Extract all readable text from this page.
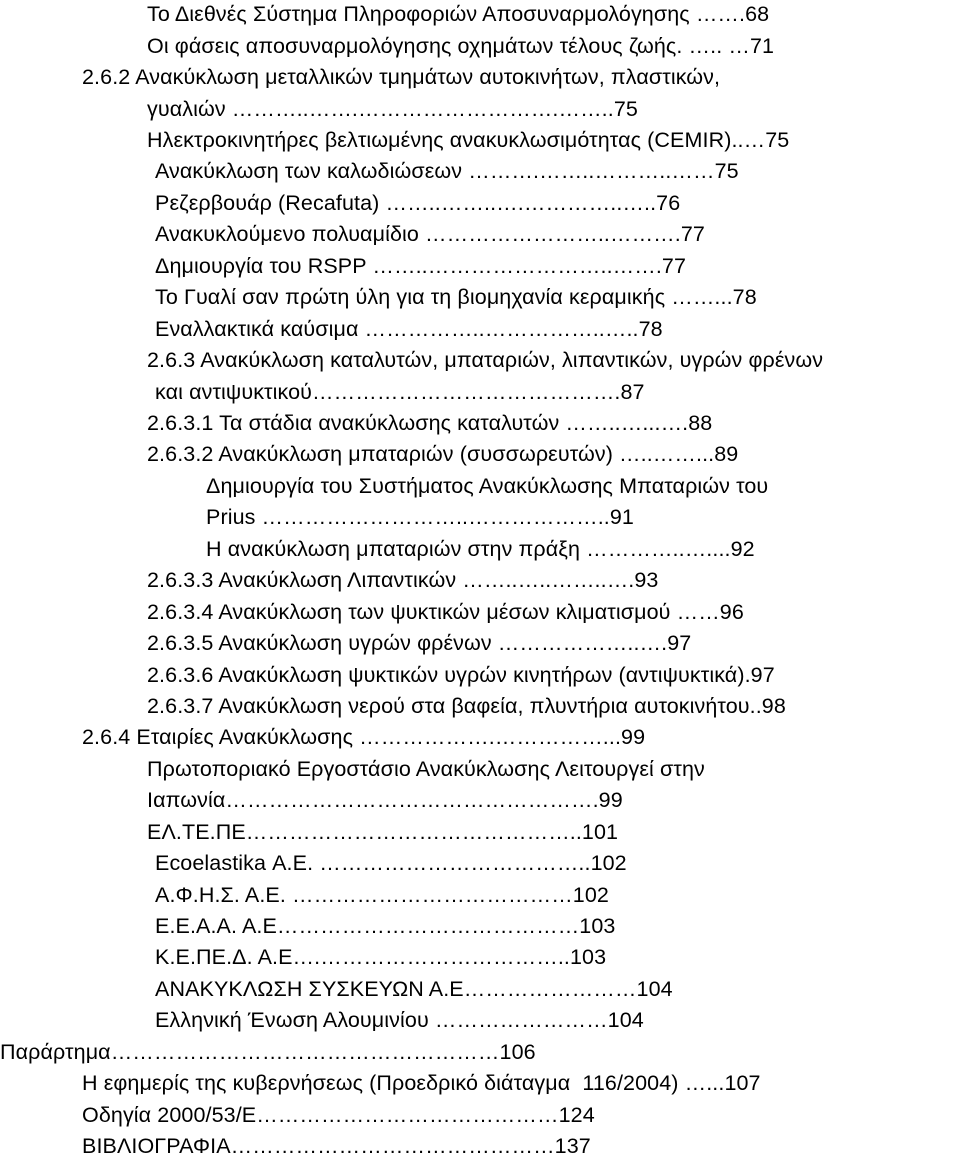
Το Διεθνές Σύστημα Πληροφοριών Αποσυναρμολόγησης …….68
Οι φάσεις αποσυναρμολόγησης οχημάτων τέλους ζωής. ….. …71
2.6.2 Ανακύκλωση μεταλλικών τμημάτων αυτοκινήτων, πλαστικών,
γυαλιών ………..…….……………………….……..75
Ηλεκτροκινητήρες βελτιωμένης ανακυκλωσιμότητας (CEMIR)..…75
Ανακύκλωση των καλωδιώσεων ……….……..………..……75
Ρεζερβουάρ (Recafuta) ……..……..….…………..…..76
Ανακυκλούμενο πολυαμίδιο ……………………..……….77
Δημιουργία του RSPP ……..……………………..…….77
Το Γυαλί σαν πρώτη ύλη για τη βιομηχανία κεραμικής ……...78
Εναλλακτικά καύσιμα ……………..……………..…..78
2.6.3 Ανακύκλωση καταλυτών, μπαταριών, λιπαντικών, υγρών φρένων
και αντιψυκτικού…………………………………….87
2.6.3.1 Τα στάδια ανακύκλωσης καταλυτών ……..…...….88
2.6.3.2 Ανακύκλωση μπαταριών (συσσωρευτών) …..……...89
Δημιουργία του Συστήματος Ανακύκλωσης Μπαταριών του
Prius ………………………..………………..91
Η ανακύκλωση μπαταριών στην πράξη …………..…....92
2.6.3.3 Ανακύκλωση Λιπαντικών ……..…..……..….93
2.6.3.4 Ανακύκλωση των ψυκτικών μέσων κλιματισμού ……96
2.6.3.5 Ανακύκλωση υγρών φρένων ………………..….97
2.6.3.6 Ανακύκλωση ψυκτικών υγρών κινητήρων (αντιψυκτικά).97
2.6.3.7 Ανακύκλωση νερού στα βαφεία, πλυντήρια αυτοκινήτου..98
2.6.4 Εταιρίες Ανακύκλωσης ……………….……………...99
Πρωτοποριακό Εργοστάσιο Ανακύκλωσης Λειτουργεί στην
Ιαπωνία…………………………………………….99
ΕΛ.ΤΕ.ΠΕ………………………………………..101
Ecoelastika Α.Ε. ………………………………..102
Α.Φ.Η.Σ. Α.Ε. …………………………………102
Ε.Ε.Α.Α. Α.Ε……………………………………103
Κ.Ε.ΠΕ.Δ. Α.Ε….……………………………..103
ΑΝΑΚΥΚΛΩΣΗ ΣΥΣΚΕΥΩΝ Α.Ε……………………104
Ελληνική Ένωση Αλουμινίου ……………………104
Παράρτημα………………………………………………106
Η εφημερίς της κυβερνήσεως (Προεδρικό διάταγμα  116/2004) …...107
Οδηγία 2000/53/Ε……………………………………124
ΒΙΒΛΙΟΓΡΑΦΙΑ………………………………………137
